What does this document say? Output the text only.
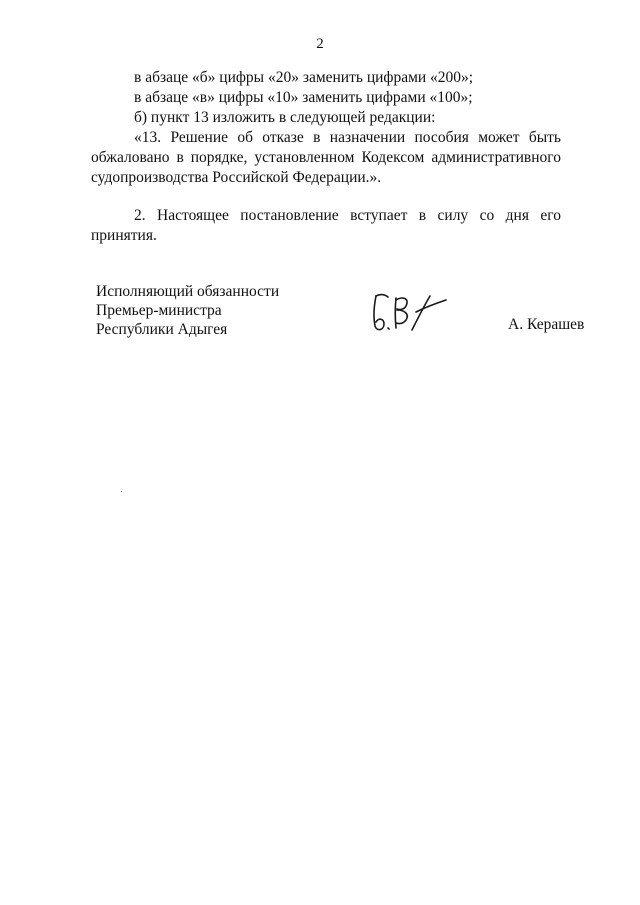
2

в абзаце «б» цифры «20» заменить цифрами «200»;

в абзаце «в» цифры «10» заменить цифрами «100»;

б) пункт 13 изложить в следующей редакции:

«13. Решение об отказе в назначении пособия может быть обжаловано в порядке, установленном Кодексом административного судопроизводства Российской Федерации.».

2. Настоящее постановление вступает в силу со дня его принятия.

Исполняющий обязанности
Премьер-министра
Республики Адыгея	А. Керашев
